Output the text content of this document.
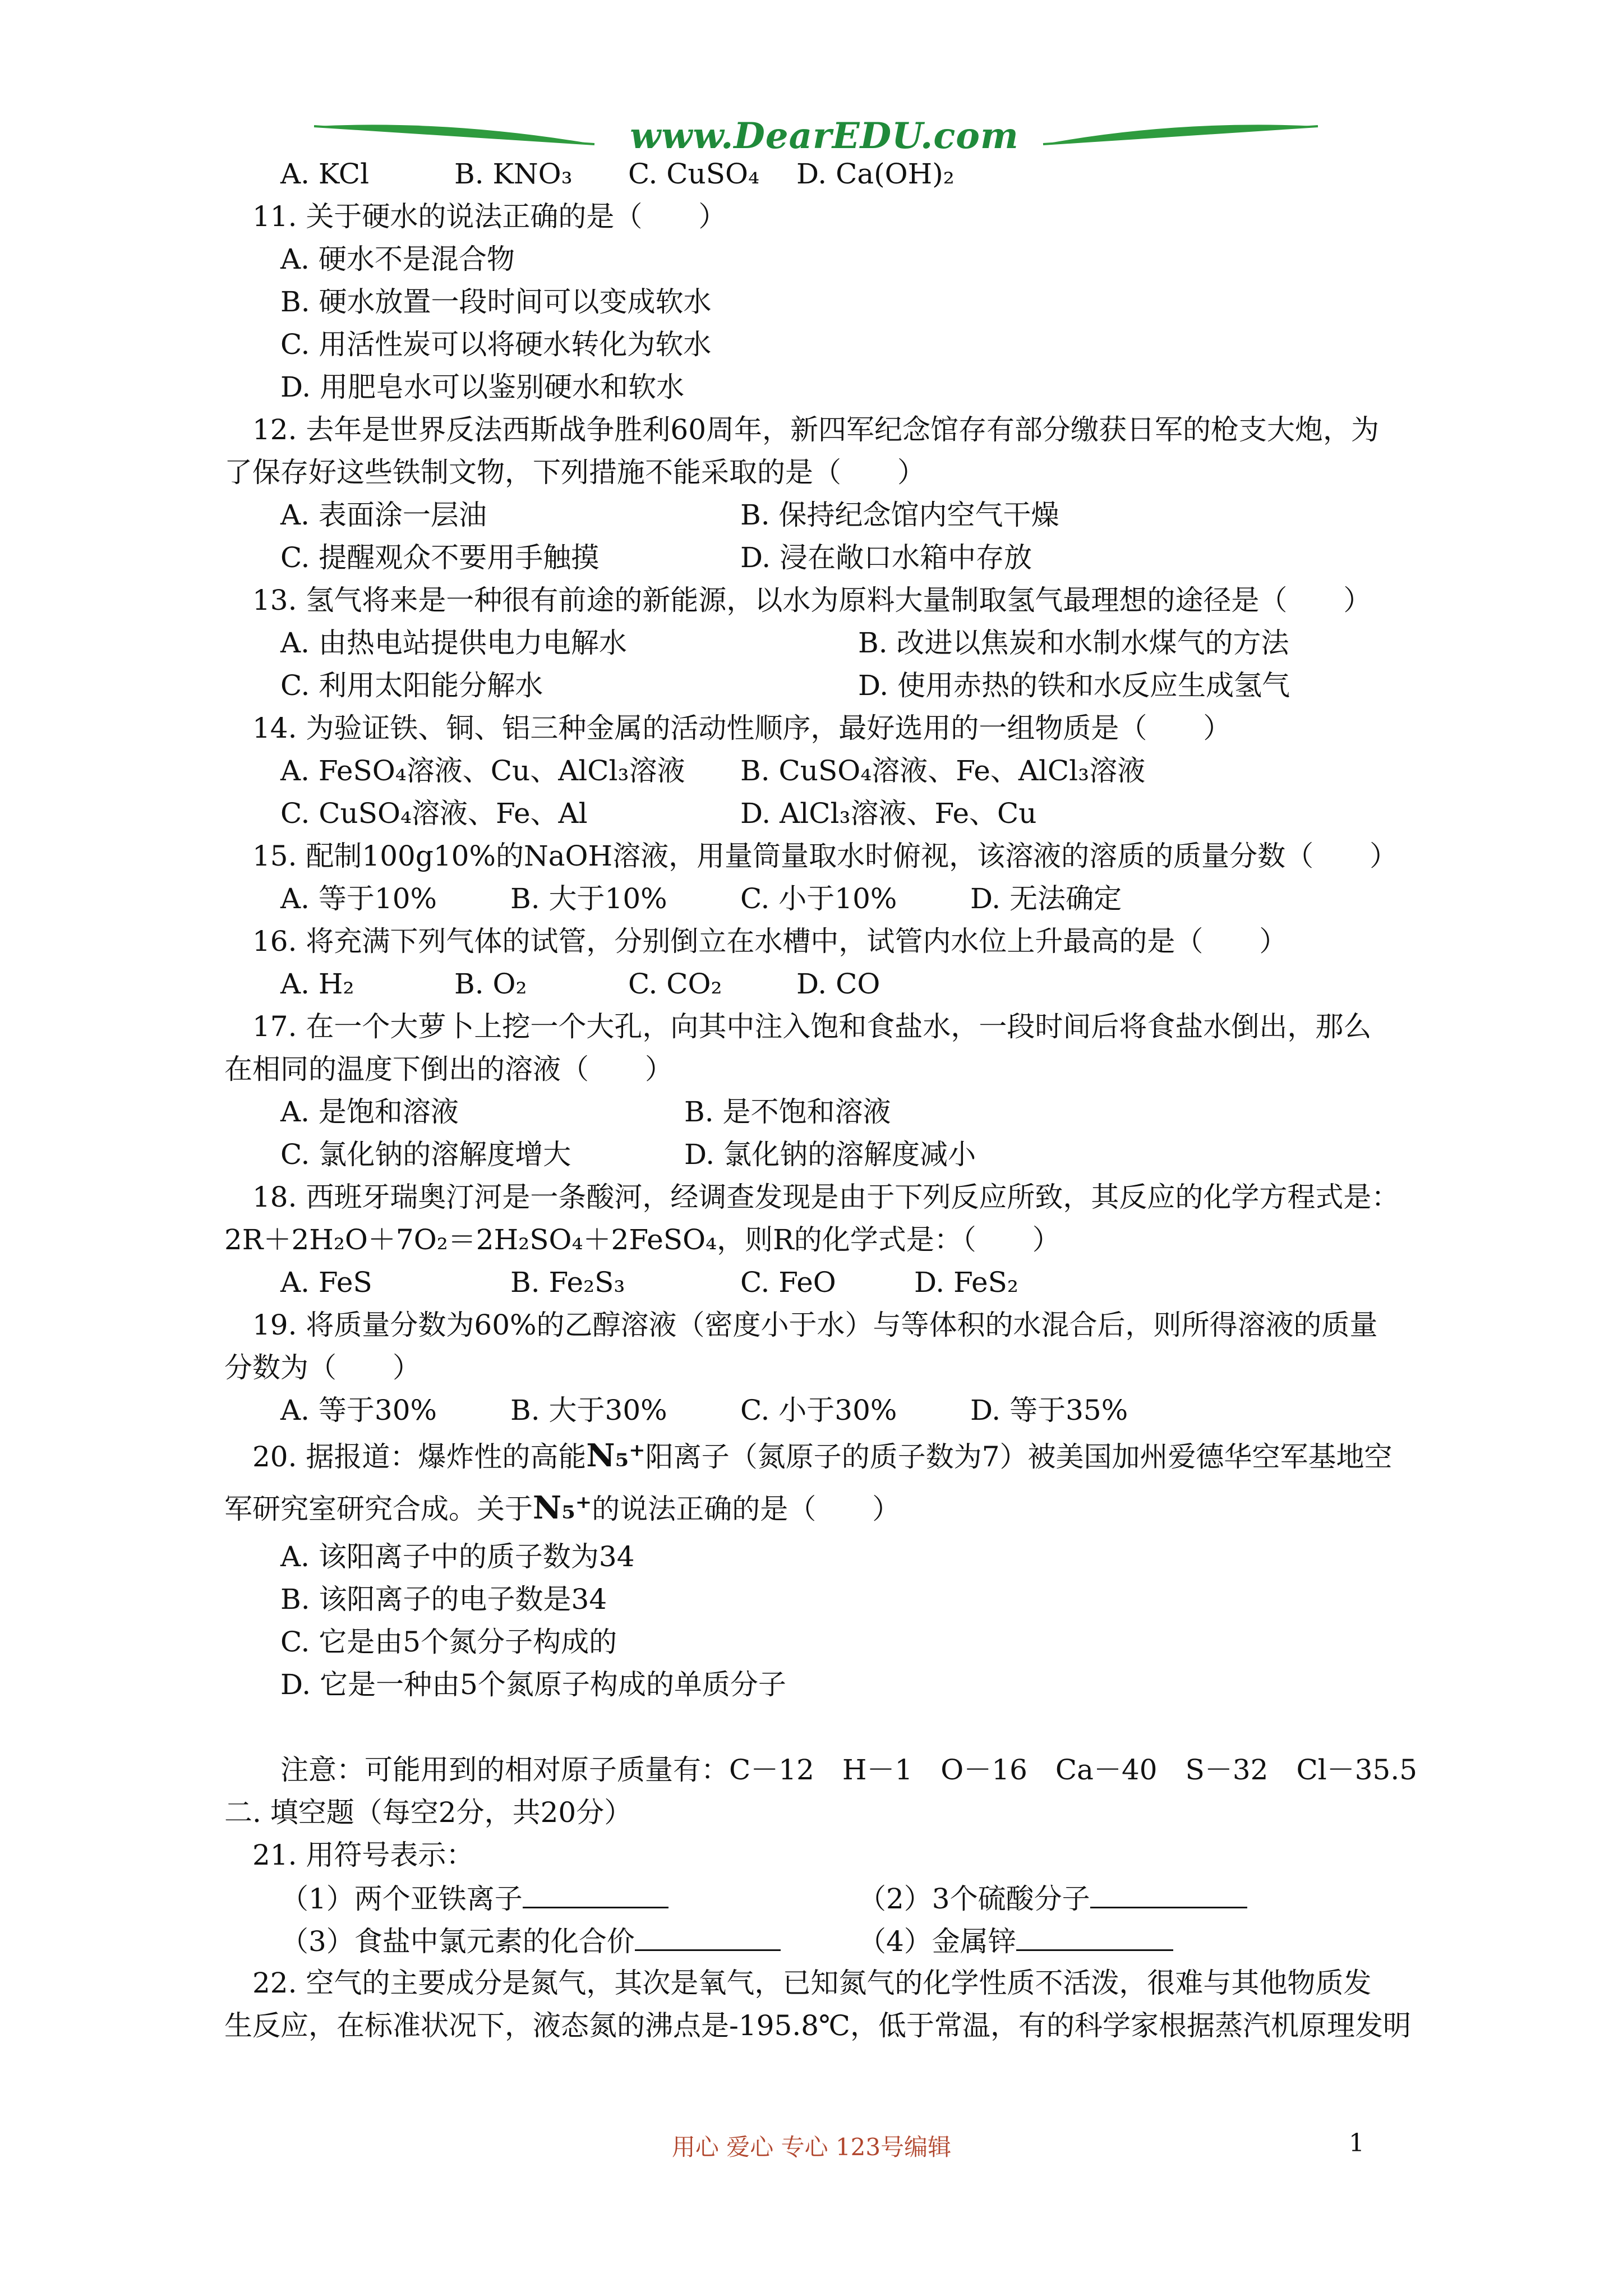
www.DearEDU.com
A. KCl	B. KNO₃ C. CuSO₄ D. Ca(OH)₂
11. 关于硬水的说法正确的是（　　）
A. 硬水不是混合物
B. 硬水放置一段时间可以变成软水
C. 用活性炭可以将硬水转化为软水
D. 用肥皂水可以鉴别硬水和软水
12. 去年是世界反法西斯战争胜利60周年，新四军纪念馆存有部分缴获日军的枪支大炮，为
了保存好这些铁制文物，下列措施不能采取的是（　　）
A. 表面涂一层油	B. 保持纪念馆内空气干燥
C. 提醒观众不要用手触摸	D. 浸在敞口水箱中存放
13. 氢气将来是一种很有前途的新能源，以水为原料大量制取氢气最理想的途径是（　　）
A. 由热电站提供电力电解水	B. 改进以焦炭和水制水煤气的方法
C. 利用太阳能分解水	D. 使用赤热的铁和水反应生成氢气
14. 为验证铁、铜、铝三种金属的活动性顺序，最好选用的一组物质是（　　）
A. FeSO₄溶液、Cu、AlCl₃溶液 B. CuSO₄溶液、Fe、AlCl₃溶液
C. CuSO₄溶液、Fe、Al	D. AlCl₃溶液、Fe、Cu
15. 配制100g10%的NaOH溶液，用量筒量取水时俯视，该溶液的溶质的质量分数（　　）
A. 等于10%	B. 大于10%	C. 小于10%	D. 无法确定
16. 将充满下列气体的试管，分别倒立在水槽中，试管内水位上升最高的是（　　）
A. H₂	B. O₂	C. CO₂	D. CO
17. 在一个大萝卜上挖一个大孔，向其中注入饱和食盐水，一段时间后将食盐水倒出，那么
在相同的温度下倒出的溶液（　　）
A. 是饱和溶液	B. 是不饱和溶液
C. 氯化钠的溶解度增大	D. 氯化钠的溶解度减小
18. 西班牙瑞奥汀河是一条酸河，经调查发现是由于下列反应所致，其反应的化学方程式是：
2R＋2H₂O＋7O₂＝2H₂SO₄＋2FeSO₄，则R的化学式是：（　　）
A. FeS	B. Fe₂S₃	C. FeO	D. FeS₂
19. 将质量分数为60%的乙醇溶液（密度小于水）与等体积的水混合后，则所得溶液的质量
分数为（　　）
A. 等于30%	B. 大于30%	C. 小于30%	D. 等于35%
20. 据报道：爆炸性的高能N₅⁺阳离子（氮原子的质子数为7）被美国加州爱德华空军基地空
军研究室研究合成。关于N₅⁺的说法正确的是（　　）
A. 该阳离子中的质子数为34
B. 该阳离子的电子数是34
C. 它是由5个氮分子构成的
D. 它是一种由5个氮原子构成的单质分子
注意：可能用到的相对原子质量有：C－12　H－1　O－16　Ca－40　S－32　Cl－35.5
二. 填空题（每空2分，共20分）
21. 用符号表示：
（1）两个亚铁离子	（2）3个硫酸分子
（3）食盐中氯元素的化合价	（4）金属锌
22. 空气的主要成分是氮气，其次是氧气，已知氮气的化学性质不活泼，很难与其他物质发
生反应，在标准状况下，液态氮的沸点是-195.8℃，低于常温，有的科学家根据蒸汽机原理发明
用心 爱心 专心 123号编辑	1
